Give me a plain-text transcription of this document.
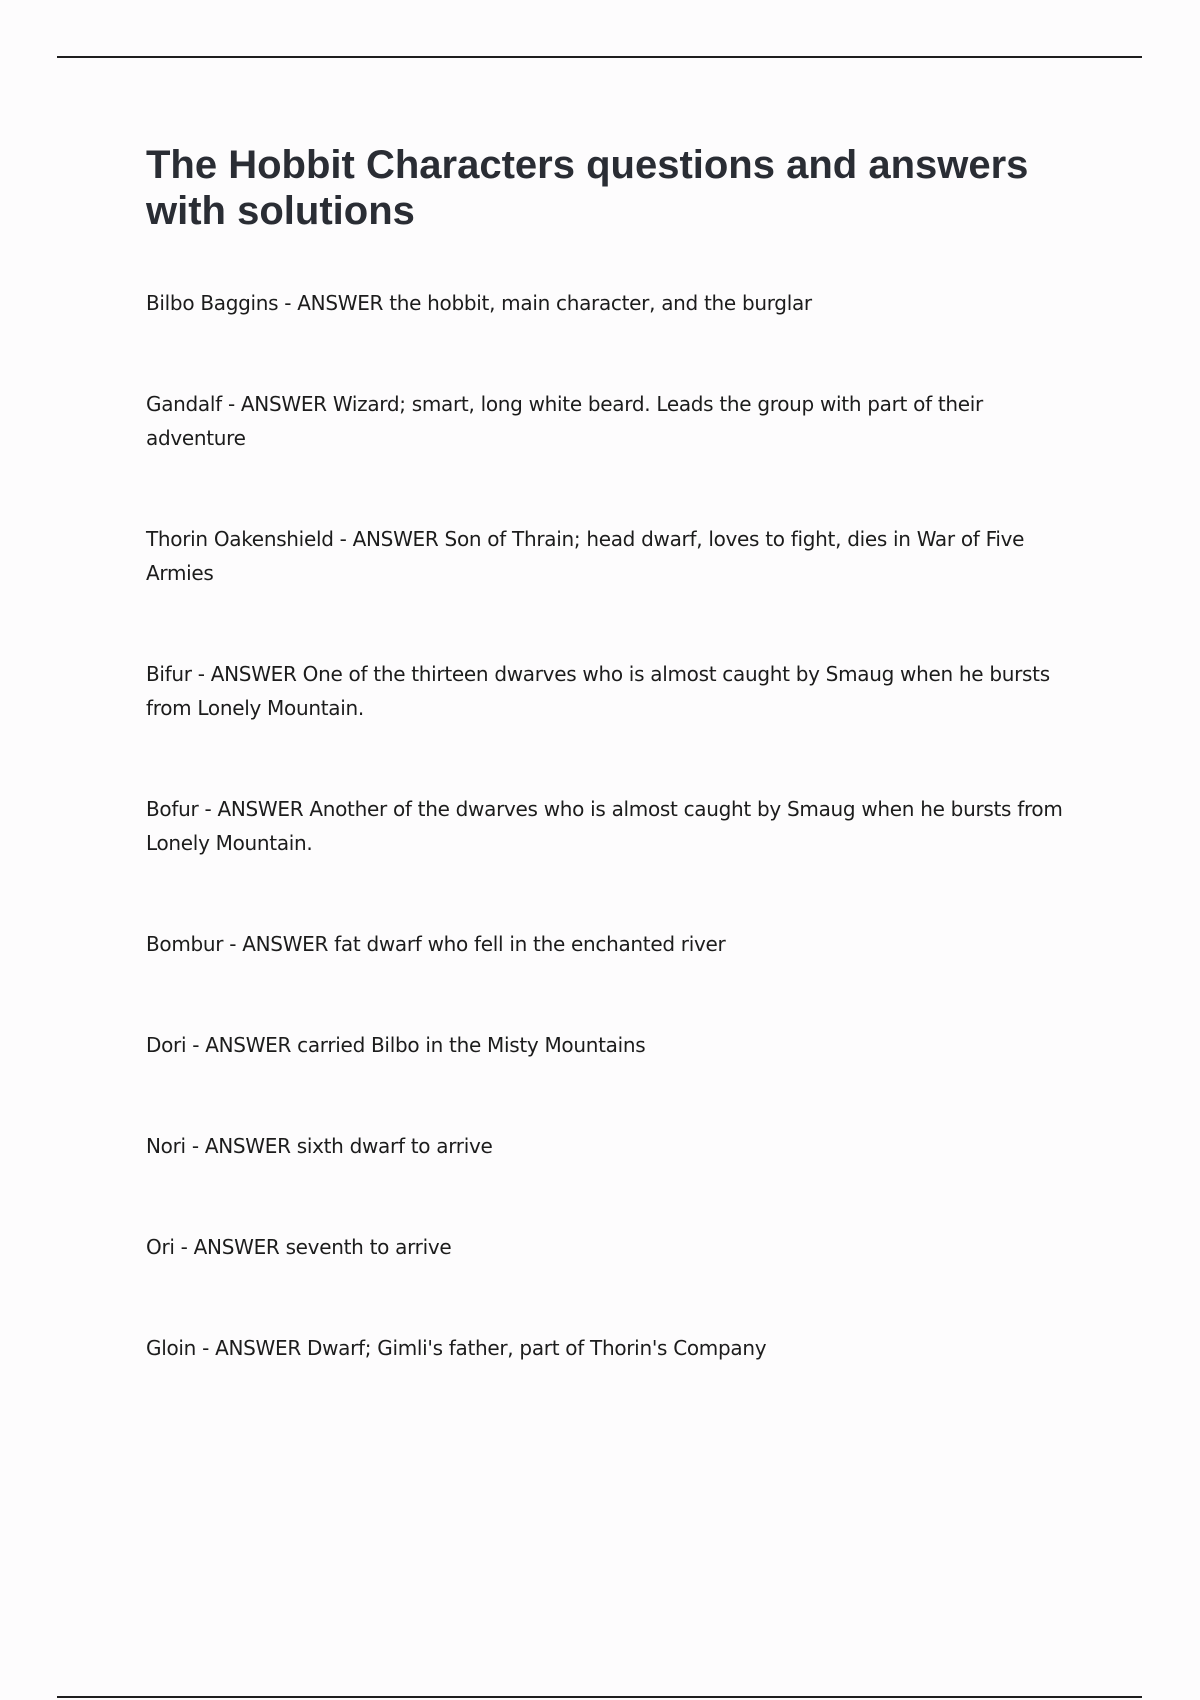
The Hobbit Characters questions and answers with solutions
Bilbo Baggins - ANSWER the hobbit, main character, and the burglar
Gandalf - ANSWER Wizard; smart, long white beard. Leads the group with part of their adventure
Thorin Oakenshield - ANSWER Son of Thrain; head dwarf, loves to fight, dies in War of Five Armies
Bifur - ANSWER One of the thirteen dwarves who is almost caught by Smaug when he bursts from Lonely Mountain.
Bofur - ANSWER Another of the dwarves who is almost caught by Smaug when he bursts from Lonely Mountain.
Bombur - ANSWER fat dwarf who fell in the enchanted river
Dori - ANSWER carried Bilbo in the Misty Mountains
Nori - ANSWER sixth dwarf to arrive
Ori - ANSWER seventh to arrive
Gloin - ANSWER Dwarf; Gimli's father, part of Thorin's Company
